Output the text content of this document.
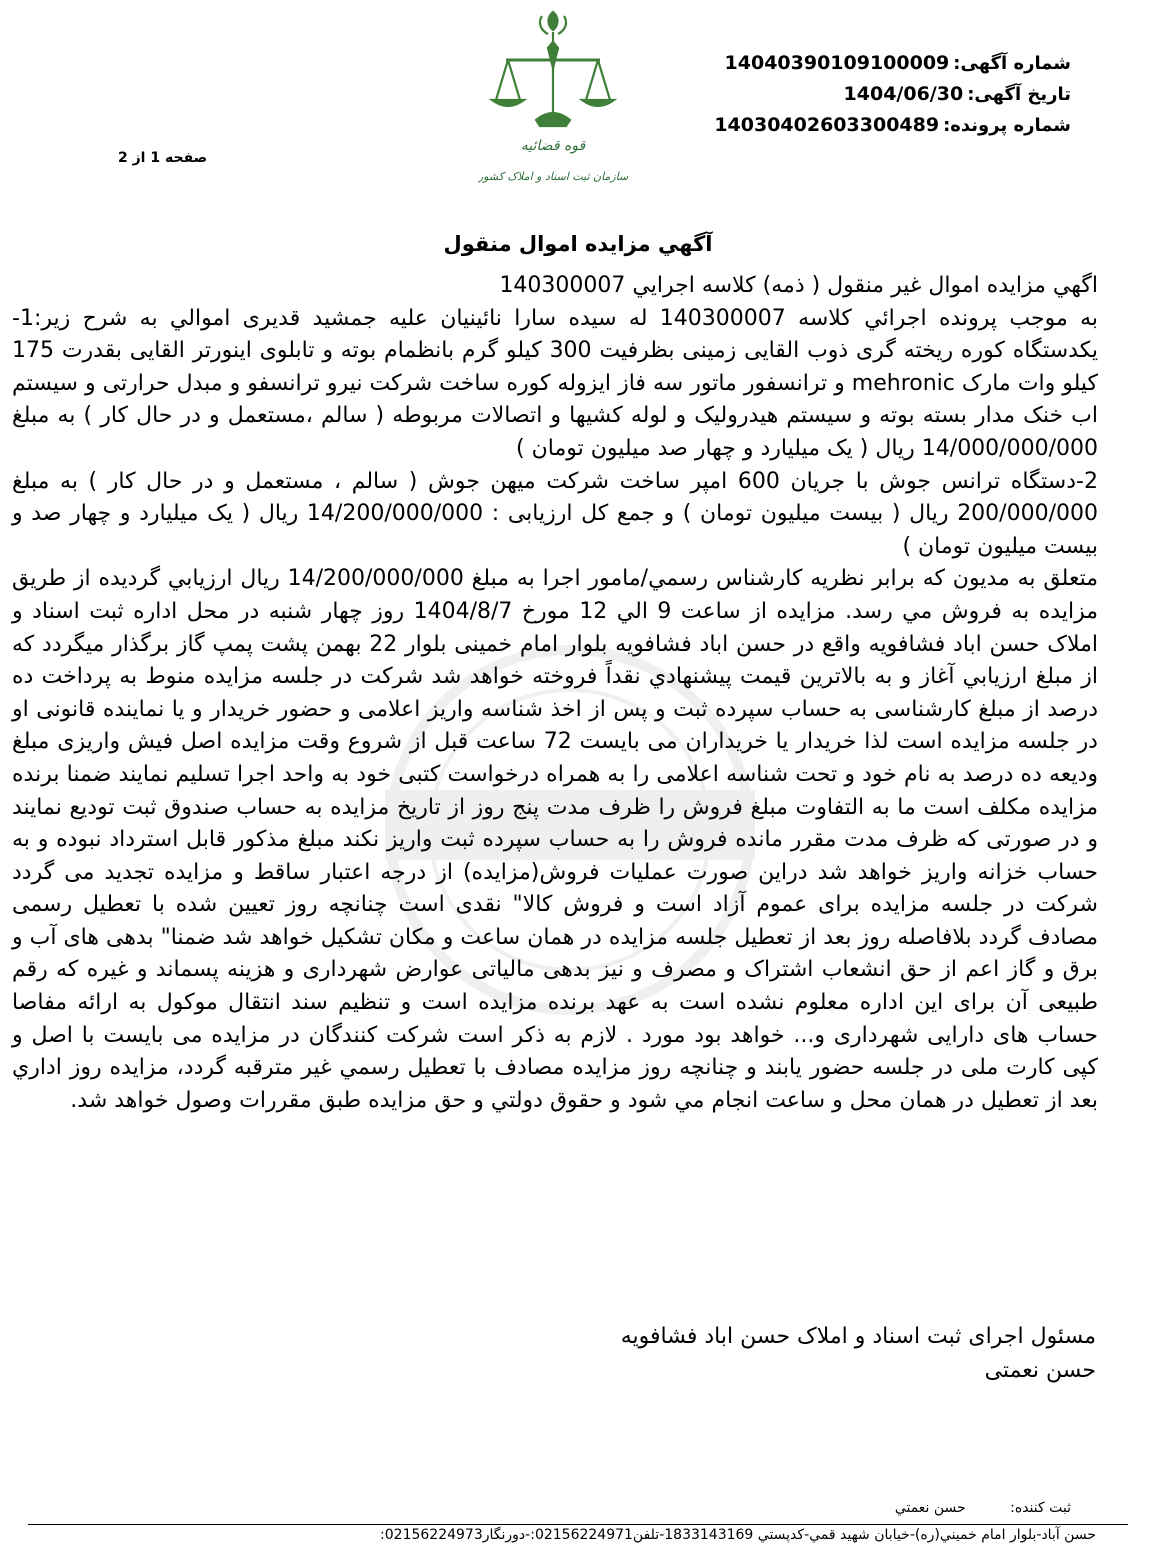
قوه قضائیه
سازمان ثبت اسناد و املاک کشور
شماره آگهی:14040390109100009
تاریخ آگهی:1404/06/30
شماره پرونده:14030402603300489
صفحه 1 از 2
آگهي مزايده اموال منقول

اگهي مزايده اموال غير منقول ( ذمه) كلاسه اجرايي 140300007

به موجب پرونده اجرائي كلاسه 140300007 له سيده سارا نائينيان عليه جمشيد قديری اموالي به شرح زير:1- يکدستگاه کوره ريخته گری ذوب القايی زمينی بظرفيت 300 کيلو گرم بانظمام بوته و تابلوی اينورتر القايی بقدرت 175 کيلو وات مارک mehronic و ترانسفور ماتور سه فاز ايزوله کوره ساخت شرکت نيرو ترانسفو و مبدل حرارتی و سيستم اب خنک مدار بسته بوته و سيستم هيدروليک و لوله کشيها و اتصالات مربوطه ( سالم ،مستعمل و در حال کار ) به مبلغ 14/000/000/000 ريال ( يک ميليارد و چهار صد ميليون تومان )

2-دستگاه ترانس جوش با جريان 600 امپر ساخت شرکت ميهن جوش ( سالم ، مستعمل و در حال کار ) به مبلغ 200/000/000 ريال ( بيست ميليون تومان ) و جمع کل ارزيابی : 14/200/000/000 ريال ( يک ميليارد و چهار صد و بيست ميليون تومان )

متعلق به مديون كه برابر نظريه كارشناس رسمي/مامور اجرا به مبلغ 14/200/000/000 ريال ارزيابي گرديده از طريق مزايده به فروش مي رسد. مزايده از ساعت 9 الي 12 مورخ 1404/8/7 روز چهار شنبه در محل اداره ثبت اسناد و املاک حسن اباد فشافويه واقع در حسن اباد فشافويه بلوار امام خمينی بلوار 22 بهمن پشت پمپ گاز برگذار ميگردد كه از مبلغ ارزيابي آغاز و به بالاترين قيمت پيشنهادي نقداً فروخته خواهد شد شرکت در جلسه مزايده منوط به پرداخت ده درصد از مبلغ کارشناسی به حساب سپرده ثبت و پس از اخذ شناسه واريز اعلامی و حضور خريدار و يا نماينده قانونی او در جلسه مزايده است لذا خريدار يا خريداران می بايست 72 ساعت قبل از شروع وقت مزايده اصل فيش واريزی مبلغ وديعه ده درصد به نام خود و تحت شناسه اعلامی را به همراه درخواست کتبی خود به واحد اجرا تسليم نمايند ضمنا برنده مزايده مکلف است ما به التفاوت مبلغ فروش را ظرف مدت پنج روز از تاريخ مزايده به حساب صندوق ثبت توديع نمايند و در صورتی که ظرف مدت مقرر مانده فروش را به حساب سپرده ثبت واريز نکند مبلغ مذکور قابل استرداد نبوده و به حساب خزانه واريز خواهد شد دراين صورت عمليات فروش(مزايده) از درجه اعتبار ساقط و مزايده تجديد می گردد شرکت در جلسه مزايده برای عموم آزاد است و فروش کالا" نقدی است چنانچه روز تعيين شده با تعطيل رسمی مصادف گردد بلافاصله روز بعد از تعطيل جلسه مزايده در همان ساعت و مکان تشکيل خواهد شد ضمنا" بدهی های آب و برق و گاز اعم از حق انشعاب اشتراک و مصرف و نيز بدهی مالياتی عوارض شهرداری و هزينه پسماند و غيره که رقم طبيعی آن برای اين اداره معلوم نشده است به عهد برنده مزايده است و تنظيم سند انتقال موکول به ارائه مفاصا حساب های دارايی شهرداری و... خواهد بود مورد . لازم به ذکر است شرکت کنندگان در مزايده می بايست با اصل و کپی کارت ملی در جلسه حضور يابند و چنانچه روز مزايده مصادف با تعطيل رسمي غير مترقبه گردد، مزايده روز اداري بعد از تعطيل در همان محل و ساعت انجام مي شود و حقوق دولتي و حق مزايده طبق مقررات وصول خواهد شد.

مسئول اجرای ثبت اسناد و املاک حسن اباد فشافويه
حسن نعمتی
ثبت کننده: حسن نعمتي
حسن آباد-بلوار امام خميني(ره)-خيابان شهيد قمي-کدپستي 1833143169-تلفن02156224971:-دورنگار02156224973:
